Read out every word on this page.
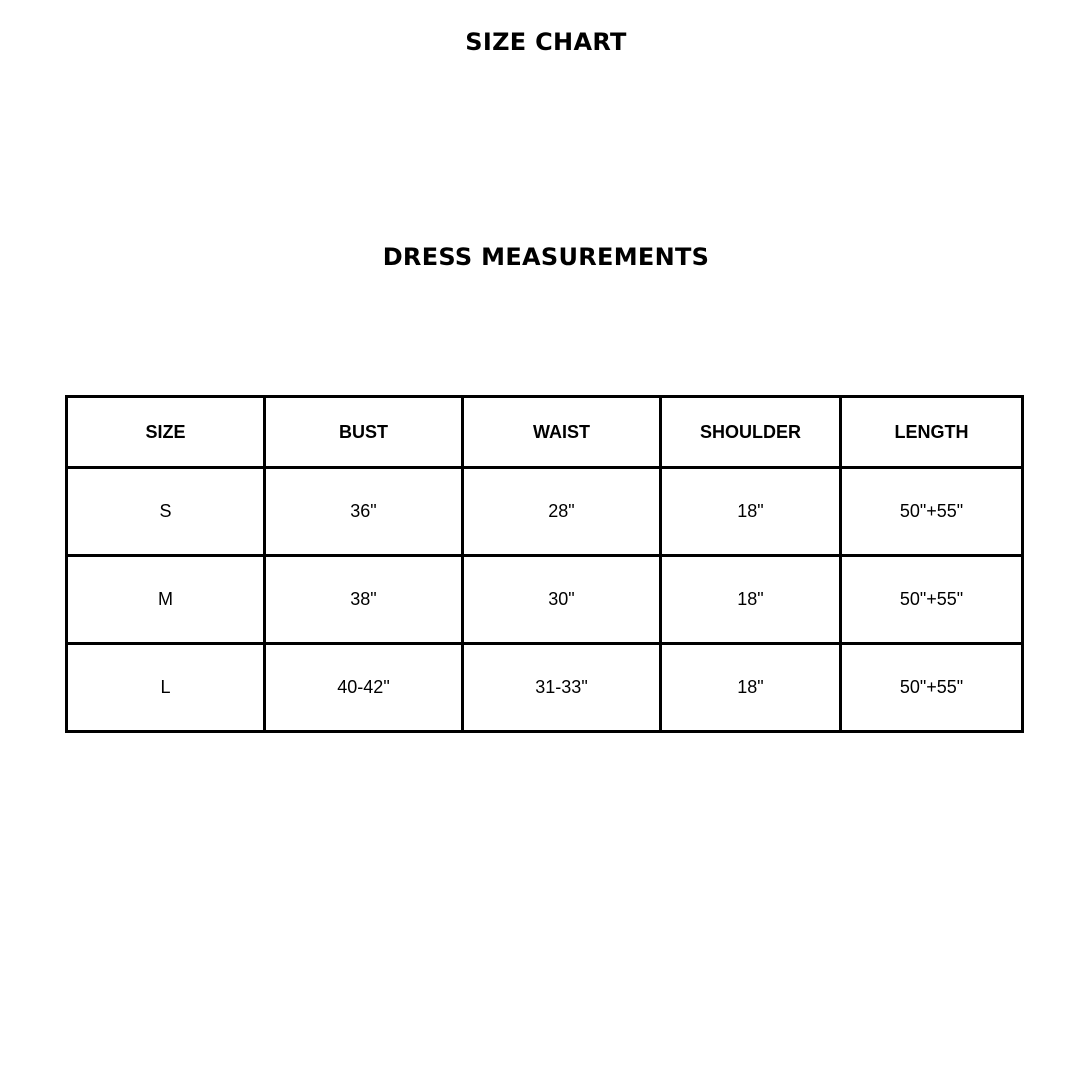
SIZE CHART
DRESS MEASUREMENTS
SIZE	BUST	WAIST	SHOULDER	LENGTH
S	36"	28"	18"	50"+55"
M	38"	30"	18"	50"+55"
L	40-42"	31-33"	18"	50"+55"
